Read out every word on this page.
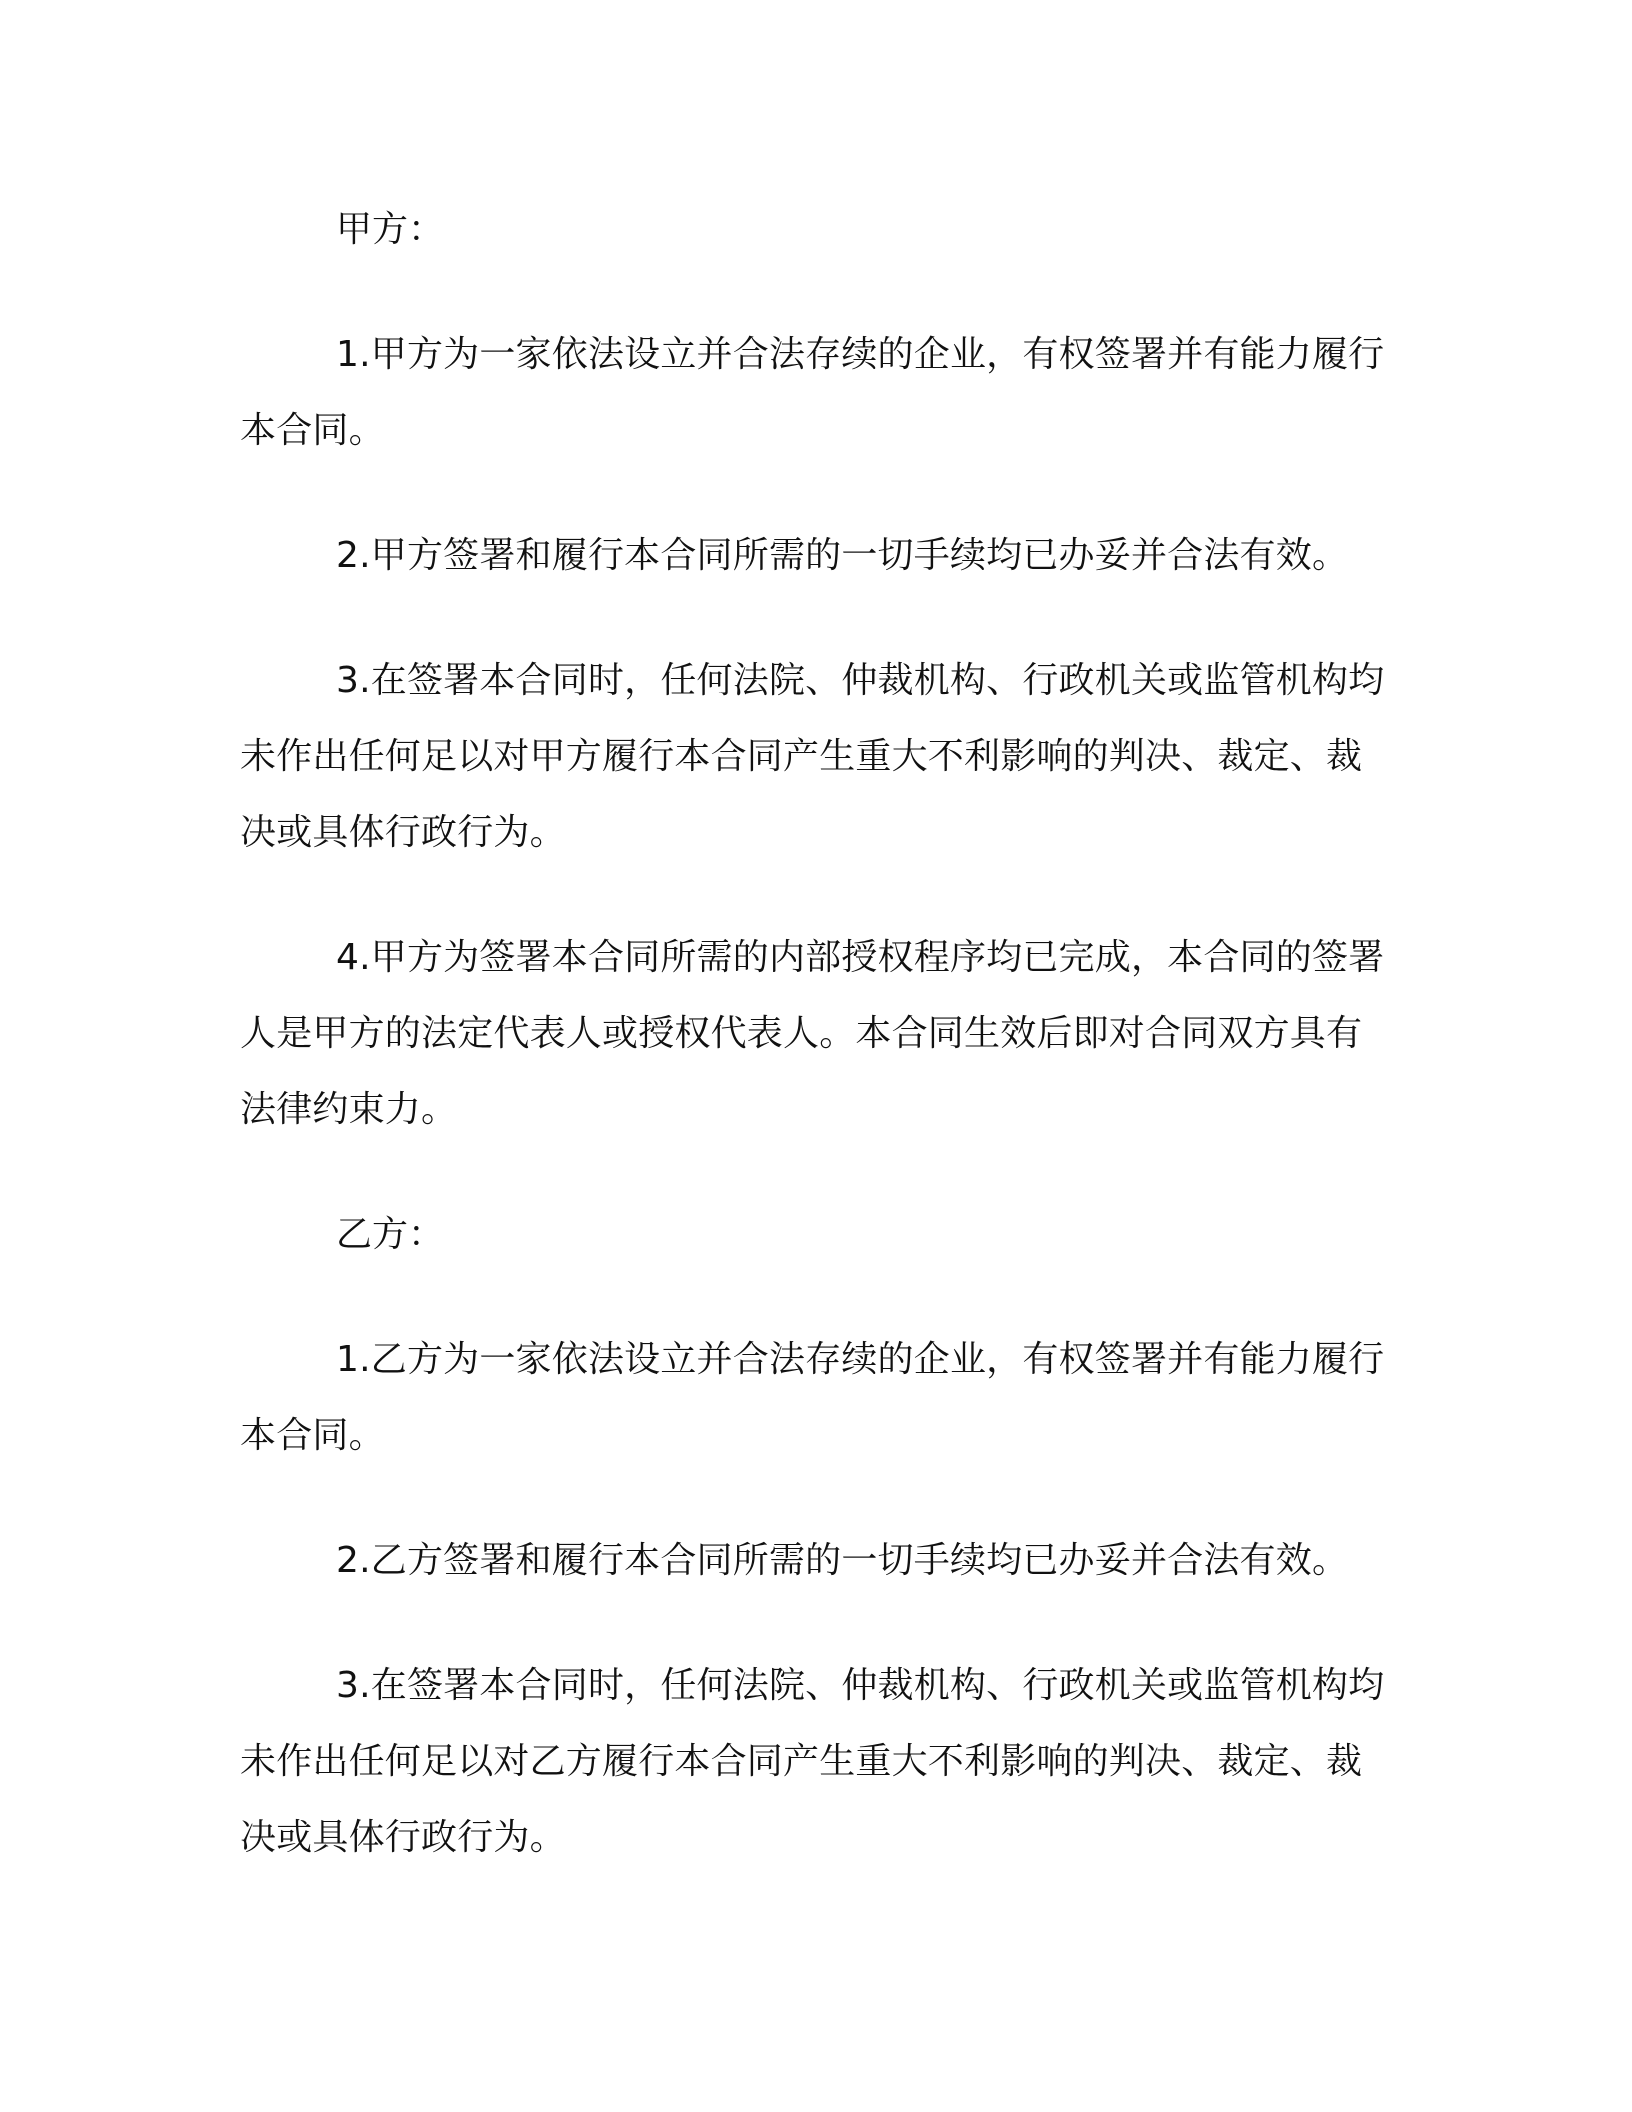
甲方：

1.甲方为一家依法设立并合法存续的企业，有权签署并有能力履行本合同。

2.甲方签署和履行本合同所需的一切手续均已办妥并合法有效。

3.在签署本合同时，任何法院、仲裁机构、行政机关或监管机构均未作出任何足以对甲方履行本合同产生重大不利影响的判决、裁定、裁决或具体行政行为。

4.甲方为签署本合同所需的内部授权程序均已完成，本合同的签署人是甲方的法定代表人或授权代表人。本合同生效后即对合同双方具有法律约束力。

乙方：

1.乙方为一家依法设立并合法存续的企业，有权签署并有能力履行本合同。

2.乙方签署和履行本合同所需的一切手续均已办妥并合法有效。

3.在签署本合同时，任何法院、仲裁机构、行政机关或监管机构均未作出任何足以对乙方履行本合同产生重大不利影响的判决、裁定、裁决或具体行政行为。
